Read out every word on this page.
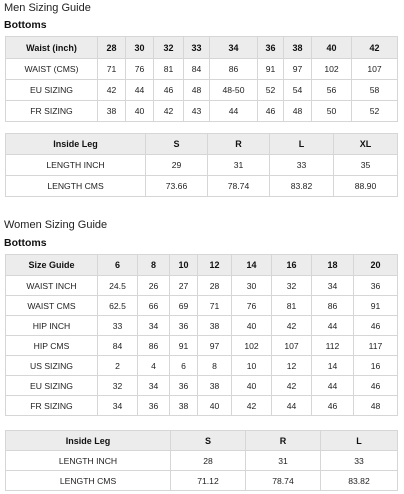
Men Sizing Guide
Bottoms
Waist (inch)	28	30	32	33	34	36	38	40	42
WAIST (CMS)	71	76	81	84	86	91	97	102	107
EU SIZING	42	44	46	48	48-50	52	54	56	58
FR SIZING	38	40	42	43	44	46	48	50	52
Inside Leg	S	R	L	XL
LENGTH INCH	29	31	33	35
LENGTH CMS	73.66	78.74	83.82	88.90
Women Sizing Guide
Bottoms
Size Guide	6	8	10	12	14	16	18	20
WAIST INCH	24.5	26	27	28	30	32	34	36
WAIST CMS	62.5	66	69	71	76	81	86	91
HIP INCH	33	34	36	38	40	42	44	46
HIP CMS	84	86	91	97	102	107	112	117
US SIZING	2	4	6	8	10	12	14	16
EU SIZING	32	34	36	38	40	42	44	46
FR SIZING	34	36	38	40	42	44	46	48
Inside Leg	S	R	L
LENGTH INCH	28	31	33
LENGTH CMS	71.12	78.74	83.82
